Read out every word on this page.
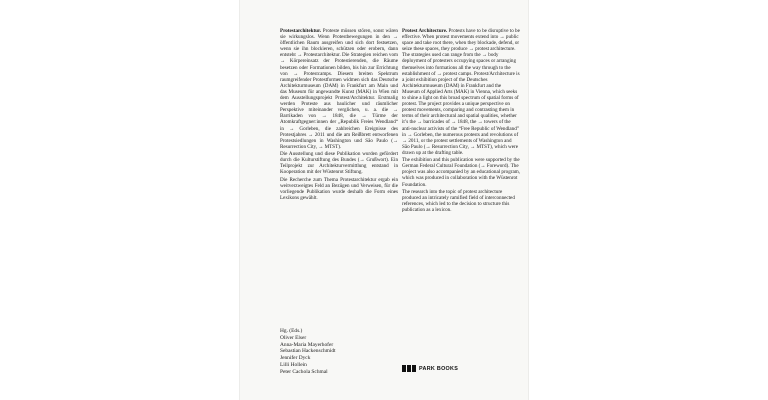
Protestarchitektur. Proteste müssen stören, sonst wären sie wirkungslos. Wenn Protestbewegungen in den → öffentlichen Raum ausgreifen und sich dort festsetzen, wenn sie ihn blockieren, schützen oder erobern, dann entsteht → Protestarchitektur. Die Strategien reichen vom → Körpereinsatz der Protestierenden, die Räume besetzen oder Formationen bilden, bis hin zur Errichtung von → Protestcamps. Diesem breiten Spektrum raumgreifender Protestformen widmen sich das Deutsche Architekturmuseum (DAM) in Frankfurt am Main und das Museum für angewandte Kunst (MAK) in Wien mit dem Ausstellungsprojekt Protest/Architektur. Erstmalig werden Proteste aus baulicher und räumlicher Perspektive miteinander verglichen, u. a. die → Barrikaden von → 1848, die → Türme der Atomkraftgegner:innen der „Republik Freies Wendland“ in → Gorleben, die zahlreichen Ereignisse des Protestjahres → 2011 und die am Reißbrett entworfenen Protestsiedlungen in Washington und São Paulo (→ Resurrection City, → MTST).

Die Ausstellung und diese Publikation wurden gefördert durch die Kulturstiftung des Bundes (→ Grußwort). Ein Teilprojekt zur Architekturvermittlung entstand in Kooperation mit der Wüstenrot Stiftung.

Die Recherche zum Thema Protestarchitektur ergab ein weitverzweigtes Feld an Bezügen und Verweisen, für die vorliegende Publikation wurde deshalb die Form eines Lexikons gewählt.

Protest Architecture. Protests have to be disruptive to be effective. When protest movements extend into → public space and take root there, when they blockade, defend, or seize these spaces, they produce → protest architecture. The strategies used can range from the → body deployment of protesters occupying spaces or arranging themselves into formations all the way through to the establishment of → protest camps. Protest/Architecture is a joint exhibition project of the Deutsches Architekturmuseum (DAM) in Frankfurt and the Museum of Applied Arts (MAK) in Vienna, which seeks to shine a light on this broad spectrum of spatial forms of protest. The project provides a unique perspective on protest movements, comparing and contrasting them in terms of their architectural and spatial qualities, whether it’s the → barricades of → 1848, the → towers of the anti-nuclear activists of the “Free Republic of Wendland” in → Gorleben, the numerous protests and revolutions of → 2011, or the protest settlements of Washington and São Paulo (→ Resurrection City, → MTST), which were drawn up at the drafting table.

The exhibition and this publication were supported by the German Federal Cultural Foundation (→ Foreword). The project was also accompanied by an educational program, which was produced in collaboration with the Wüstenrot Foundation.

The research into the topic of protest architecture produced an intricately ramified field of interconnected references, which led to the decision to structure this publication as a lexicon.

Hg. (Eds.)
Oliver Elser
Anna-Maria Mayerhofer
Sebastian Hackenschmidt
Jennifer Dyck
Lilli Hollein
Peter Cachola Schmal
PARK BOOKS
